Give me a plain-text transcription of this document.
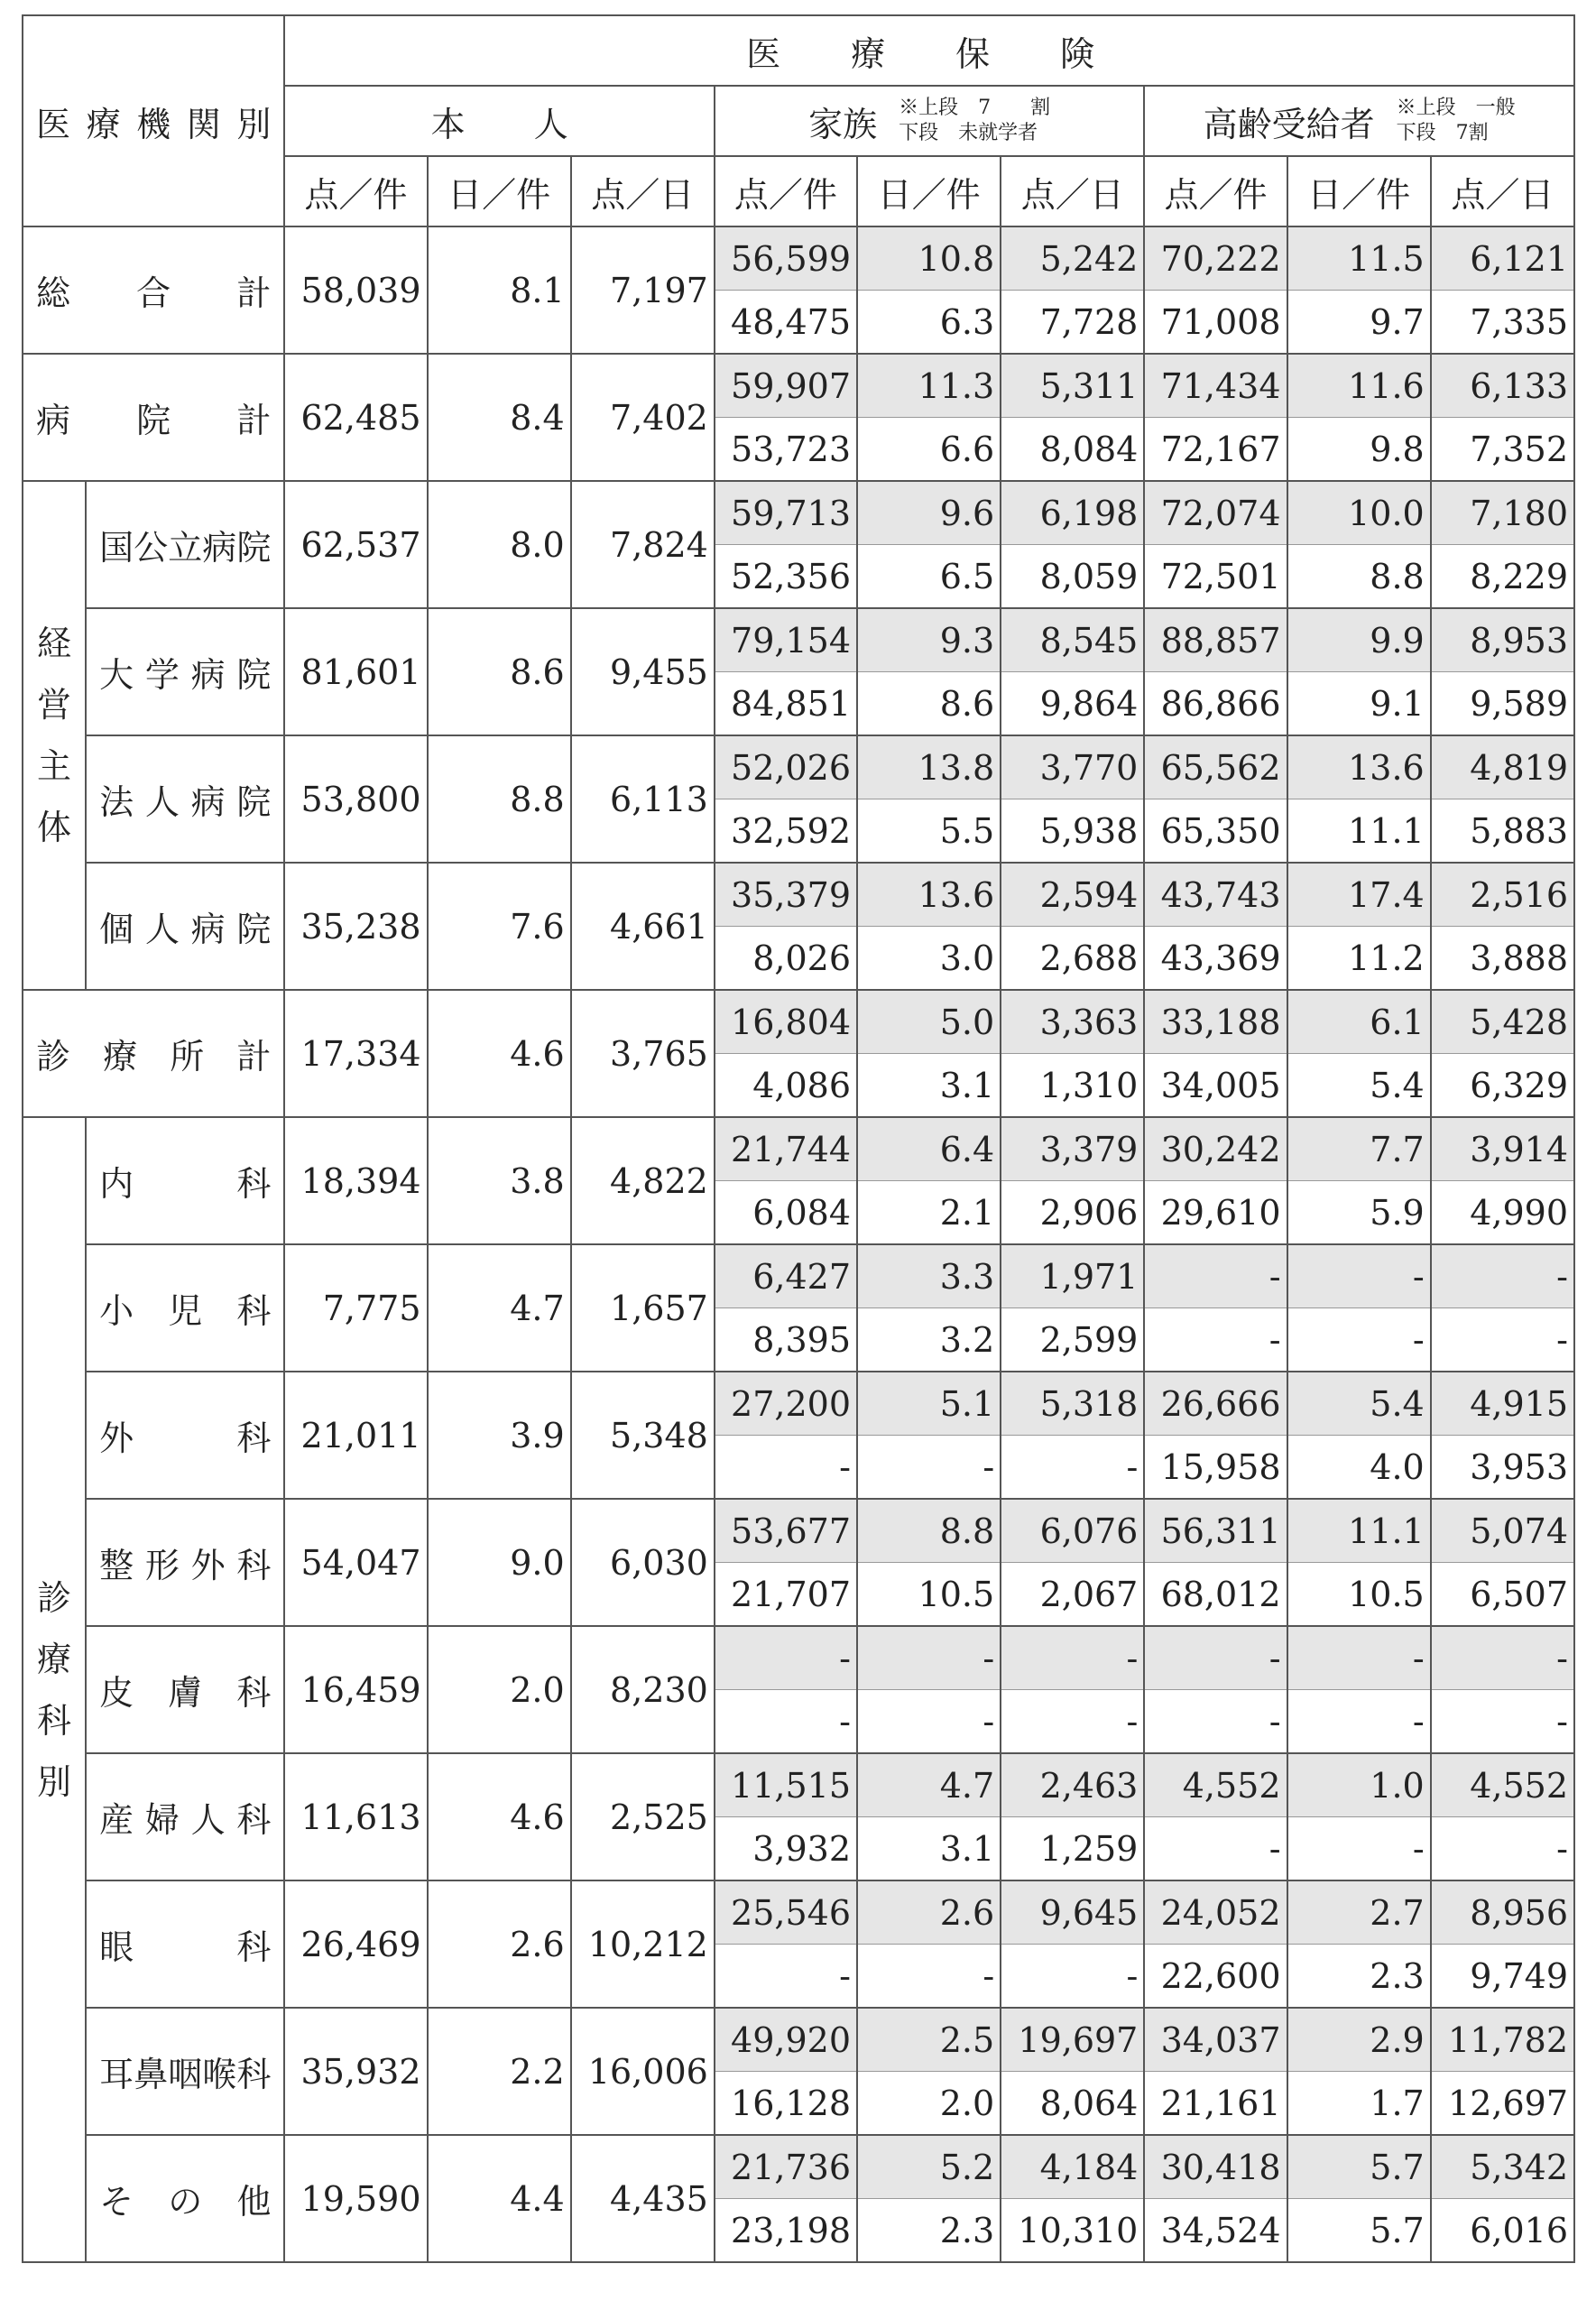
医療機関別		医　療　保　険								

		本　　人			家族 ※上段　7　　割
下段　未就学者			高齢受給者 ※上段　一般
下段　7割		

		点／件	日／件	点／日	点／件	日／件	点／日	点／件	日／件	点／日
総　合　計		58,039	8.1	7,197	56,599	10.8	5,242	70,222	11.5	6,121
					48,475	6.3	7,728	71,008	9.7	7,335
病　院　計		62,485	8.4	7,402	59,907	11.3	5,311	71,434	11.6	6,133
					53,723	6.6	8,084	72,167	9.8	7,352

経
営
主
体	国公立病院	62,537	8.0	7,824	59,713	9.6	6,198	72,074	10.0	7,180
					52,356	6.5	8,059	72,501	8.8	8,229
	大学病院	81,601	8.6	9,455	79,154	9.3	8,545	88,857	9.9	8,953
					84,851	8.6	9,864	86,866	9.1	9,589
	法人病院	53,800	8.8	6,113	52,026	13.8	3,770	65,562	13.6	4,819
					32,592	5.5	5,938	65,350	11.1	5,883
	個人病院	35,238	7.6	4,661	35,379	13.6	2,594	43,743	17.4	2,516
					8,026	3.0	2,688	43,369	11.2	3,888
診療所計		17,334	4.6	3,765	16,804	5.0	3,363	33,188	6.1	5,428
					4,086	3.1	1,310	34,005	5.4	6,329

診
療
科
別	内　科	18,394	3.8	4,822	21,744	6.4	3,379	30,242	7.7	3,914
					6,084	2.1	2,906	29,610	5.9	4,990
	小児科	7,775	4.7	1,657	6,427	3.3	1,971	-	-	-
					8,395	3.2	2,599	-	-	-
	外　科	21,011	3.9	5,348	27,200	5.1	5,318	26,666	5.4	4,915
					-	-	-	15,958	4.0	3,953
	整形外科	54,047	9.0	6,030	53,677	8.8	6,076	56,311	11.1	5,074
					21,707	10.5	2,067	68,012	10.5	6,507
	皮膚科	16,459	2.0	8,230	-	-	-	-	-	-
					-	-	-	-	-	-
	産婦人科	11,613	4.6	2,525	11,515	4.7	2,463	4,552	1.0	4,552
					3,932	3.1	1,259	-	-	-
	眼　科	26,469	2.6	10,212	25,546	2.6	9,645	24,052	2.7	8,956
					-	-	-	22,600	2.3	9,749
	耳鼻咽喉科	35,932	2.2	16,006	49,920	2.5	19,697	34,037	2.9	11,782
					16,128	2.0	8,064	21,161	1.7	12,697
	その他	19,590	4.4	4,435	21,736	5.2	4,184	30,418	5.7	5,342
					23,198	2.3	10,310	34,524	5.7	6,016
